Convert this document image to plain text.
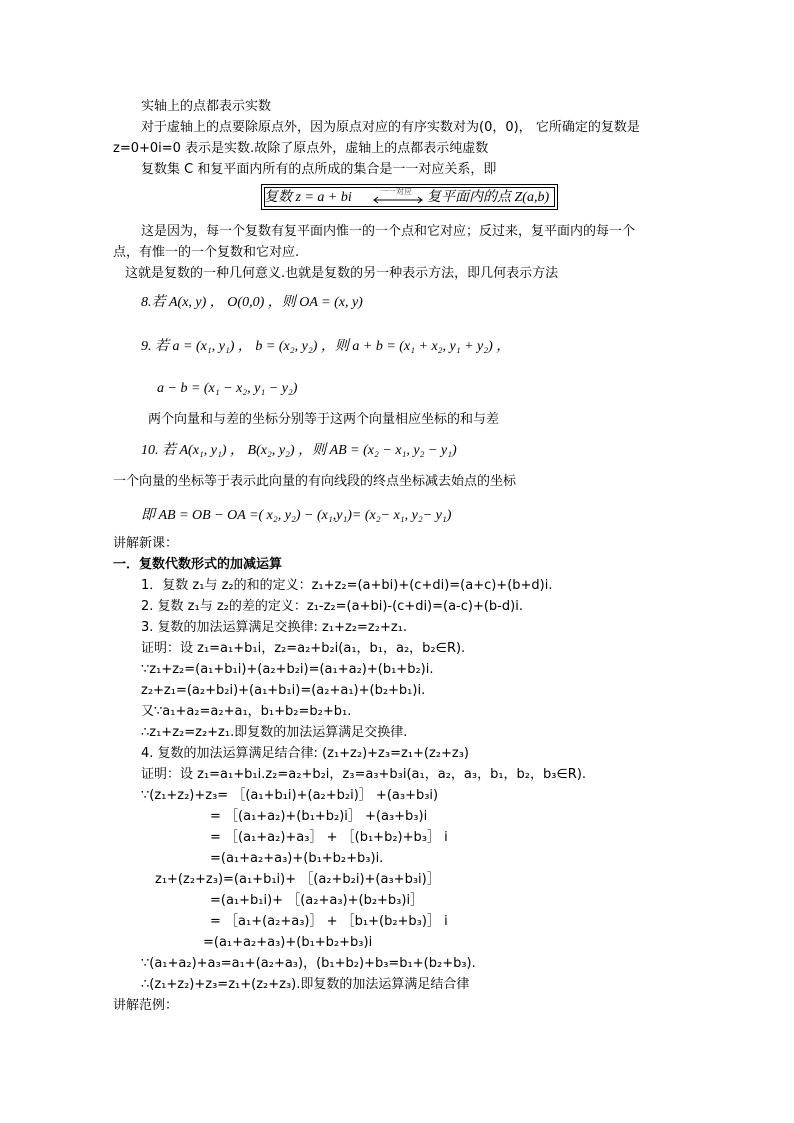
实轴上的点都表示实数
对于虚轴上的点要除原点外，因为原点对应的有序实数对为(0，0)， 它所确定的复数是
z=0+0i=0 表示是实数.故除了原点外，虚轴上的点都表示纯虚数
复数集 C 和复平面内所有的点所成的集合是一一对应关系，即
复数 z = a + bi	一一对应 复平面内的点 Z(a,b)
这是因为，每一个复数有复平面内惟一的一个点和它对应；反过来，复平面内的每一个
点，有惟一的一个复数和它对应.
这就是复数的一种几何意义.也就是复数的另一种表示方法，即几何表示方法
8.若 A(x, y) ， O(0,0) ，则 OA = (x, y)
9. 若 a = (x₁, y₁) ， b = (x₂, y₂) ，则 a + b = (x₁ + x₂, y₁ + y₂) ，
a − b = (x₁ − x₂, y₁ − y₂)
两个向量和与差的坐标分别等于这两个向量相应坐标的和与差
10. 若 A(x₁, y₁) ， B(x₂, y₂) ，则 AB = (x₂ − x₁, y₂ − y₁)
一个向量的坐标等于表示此向量的有向线段的终点坐标减去始点的坐标
即 AB = OB − OA =( x₂, y₂) − (x₁,y₁)= (x₂− x₁, y₂− y₁)
讲解新课：
一．复数代数形式的加减运算
1．复数 z₁与 z₂的和的定义：z₁+z₂=(a+bi)+(c+di)=(a+c)+(b+d)i.
2. 复数 z₁与 z₂的差的定义：z₁-z₂=(a+bi)-(c+di)=(a-c)+(b-d)i.
3. 复数的加法运算满足交换律: z₁+z₂=z₂+z₁.
证明：设 z₁=a₁+b₁i，z₂=a₂+b₂i(a₁，b₁，a₂，b₂∈R).
∵z₁+z₂=(a₁+b₁i)+(a₂+b₂i)=(a₁+a₂)+(b₁+b₂)i.
z₂+z₁=(a₂+b₂i)+(a₁+b₁i)=(a₂+a₁)+(b₂+b₁)i.
又∵a₁+a₂=a₂+a₁，b₁+b₂=b₂+b₁.
∴z₁+z₂=z₂+z₁.即复数的加法运算满足交换律.
4. 复数的加法运算满足结合律: (z₁+z₂)+z₃=z₁+(z₂+z₃)
证明：设 z₁=a₁+b₁i.z₂=a₂+b₂i，z₃=a₃+b₃i(a₁，a₂，a₃，b₁，b₂，b₃∈R).
∵(z₁+z₂)+z₃= ［(a₁+b₁i)+(a₂+b₂i)］ +(a₃+b₃i)
= ［(a₁+a₂)+(b₁+b₂)i］ +(a₃+b₃)i
= ［(a₁+a₂)+a₃］ + ［(b₁+b₂)+b₃］ i
=(a₁+a₂+a₃)+(b₁+b₂+b₃)i.
z₁+(z₂+z₃)=(a₁+b₁i)+ ［(a₂+b₂i)+(a₃+b₃i)］
=(a₁+b₁i)+ ［(a₂+a₃)+(b₂+b₃)i］
= ［a₁+(a₂+a₃)］ + ［b₁+(b₂+b₃)］ i
=(a₁+a₂+a₃)+(b₁+b₂+b₃)i
∵(a₁+a₂)+a₃=a₁+(a₂+a₃)，(b₁+b₂)+b₃=b₁+(b₂+b₃).
∴(z₁+z₂)+z₃=z₁+(z₂+z₃).即复数的加法运算满足结合律
讲解范例：
